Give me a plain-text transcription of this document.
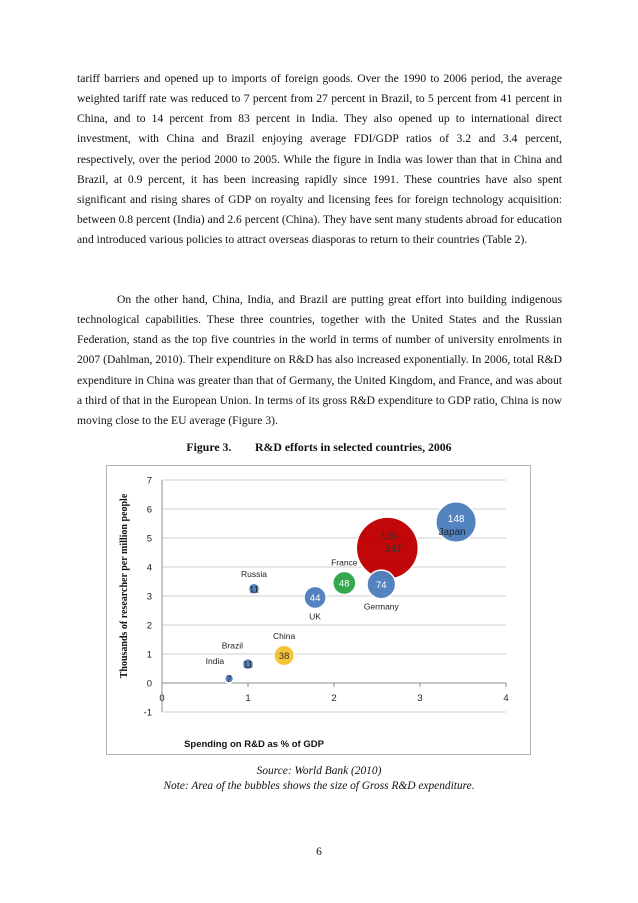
tariff barriers and opened up to imports of foreign goods. Over the 1990 to 2006 period, the average weighted tariff rate was reduced to 7 percent from 27 percent in Brazil, to 5 percent from 41 percent in China, and to 14 percent from 83 percent in India. They also opened up to international direct investment, with China and Brazil enjoying average FDI/GDP ratios of 3.2 and 3.4 percent, respectively, over the period 2000 to 2005. While the figure in India was lower than that in China and Brazil, at 0.9 percent, it has been increasing rapidly since 1991. These countries have also spent significant and rising shares of GDP on royalty and licensing fees for foreign technology acquisition: between 0.8 percent (India) and 2.6 percent (China). They have sent many students abroad for education and introduced various policies to attract overseas diasporas to return to their countries (Table 2).

On the other hand, China, India, and Brazil are putting great effort into building indigenous technological capabilities. These three countries, together with the United States and the Russian Federation, stand as the top five countries in the world in terms of number of university enrolments in 2007 (Dahlman, 2010). Their expenditure on R&D has also increased exponentially. In 2006, total R&D expenditure in China was greater than that of Germany, the United Kingdom, and France, and was about a third of that in the European Union. In terms of its gross R&D expenditure to GDP ratio, China is now moving close to the EU average (Figure 3).

Figure 3. R&D efforts in selected countries, 2006
-1
0
1
2
3
4
5
6
7
0	1	2	3	4
Thousands of researcher per million people	US-
347
148
Japan
74
Germany
48
France
44
UK
38
China
11
Brazil
11
Russia
7
India
Spending on R&D as % of GDP
Source: World Bank (2010)
Note: Area of the bubbles shows the size of Gross R&D expenditure.
6
